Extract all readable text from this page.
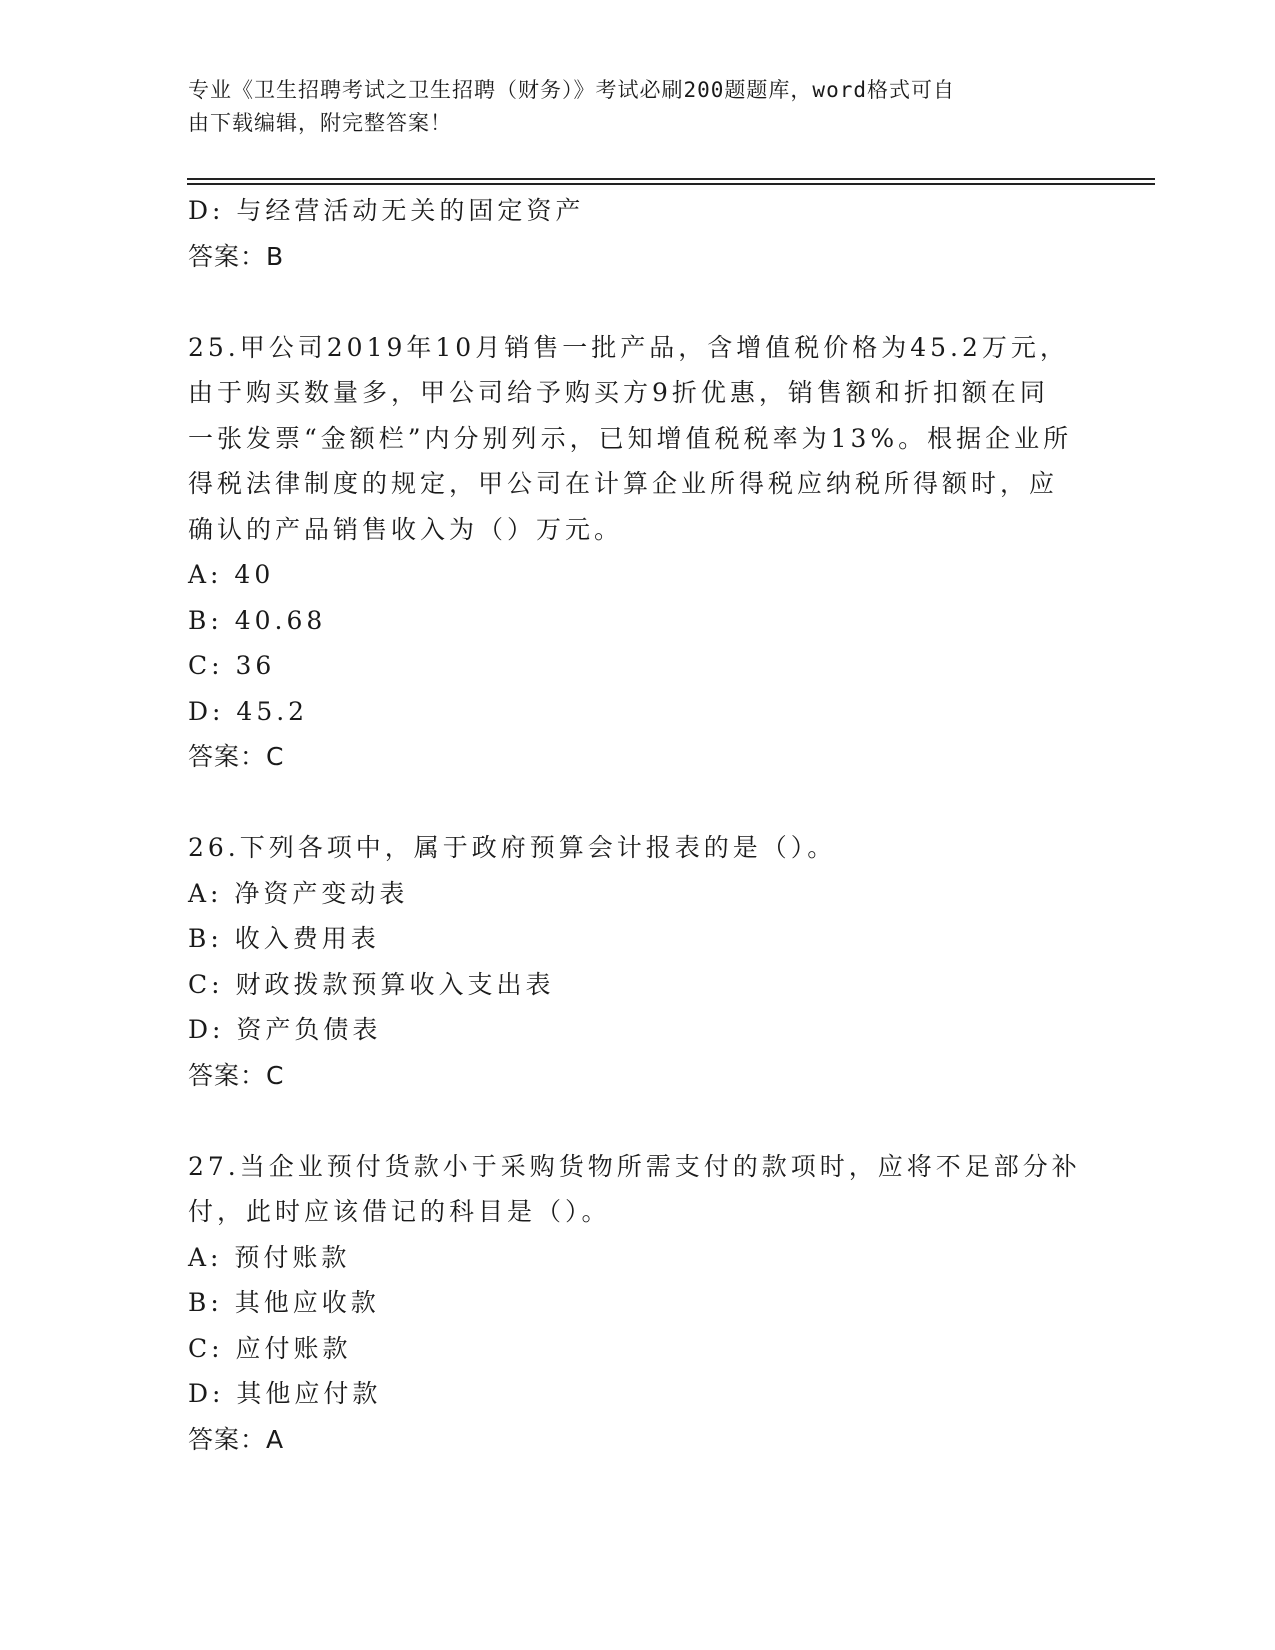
专业《卫生招聘考试之卫生招聘（财务）》考试必刷200题题库，word格式可自
由下载编辑，附完整答案！
D: 与经营活动无关的固定资产
答案：B
25.甲公司2019年10月销售一批产品，含增值税价格为45.2万元，
由于购买数量多，甲公司给予购买方9折优惠，销售额和折扣额在同
一张发票“金额栏”内分别列示，已知增值税税率为13%。根据企业所
得税法律制度的规定，甲公司在计算企业所得税应纳税所得额时，应
确认的产品销售收入为（）万元。
A: 40
B: 40.68
C: 36
D: 45.2
答案：C
26.下列各项中，属于政府预算会计报表的是（）。
A: 净资产变动表
B: 收入费用表
C: 财政拨款预算收入支出表
D: 资产负债表
答案：C
27.当企业预付货款小于采购货物所需支付的款项时，应将不足部分补
付，此时应该借记的科目是（）。
A: 预付账款
B: 其他应收款
C: 应付账款
D: 其他应付款
答案：A
